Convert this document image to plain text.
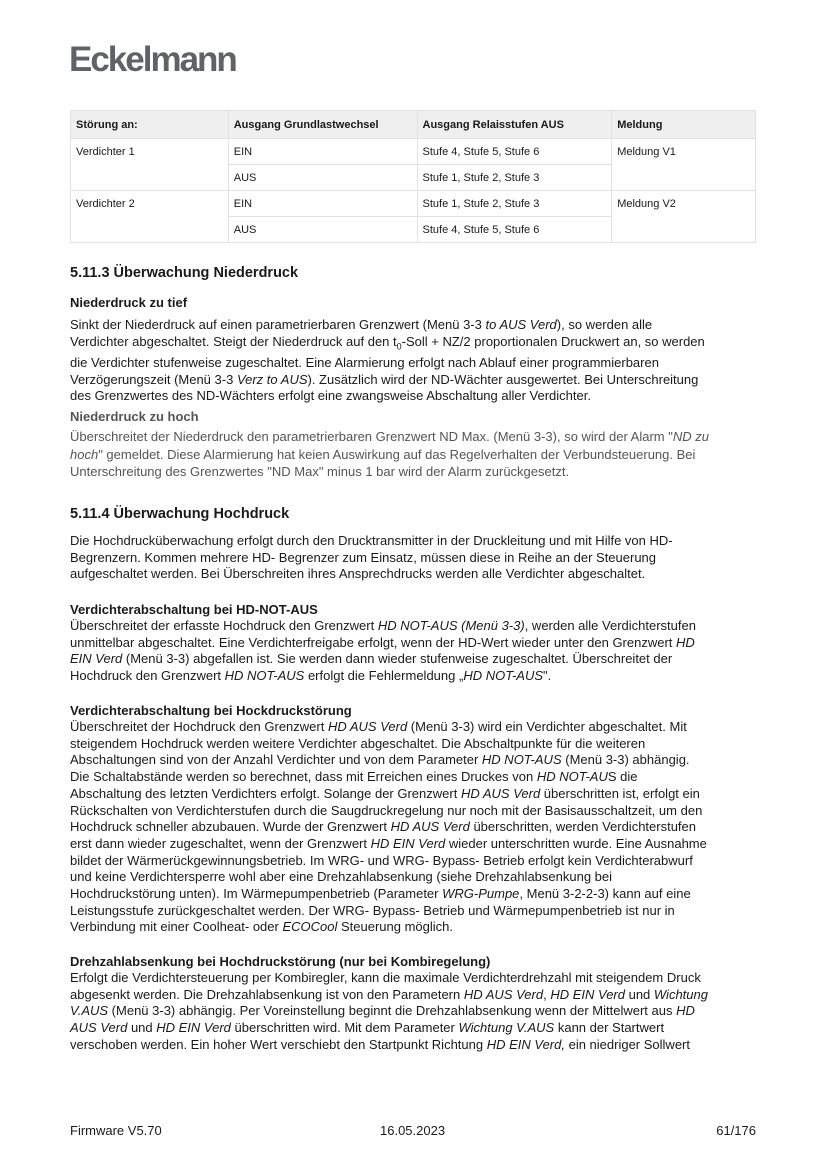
Eckelmann
Störung an:	Ausgang Grundlastwechsel	Ausgang Relaisstufen AUS	Meldung
Verdichter 1	EIN	Stufe 4, Stufe 5, Stufe 6	Meldung V1
	AUS	Stufe 1, Stufe 2, Stufe 3	
Verdichter 2	EIN	Stufe 1, Stufe 2, Stufe 3	Meldung V2
	AUS	Stufe 4, Stufe 5, Stufe 6	
5.11.3 Überwachung Niederdruck
Niederdruck zu tief
Sinkt der Niederdruck auf einen parametrierbaren Grenzwert (Menü 3-3 to AUS Verd), so werden alle
Verdichter abgeschaltet. Steigt der Niederdruck auf den $t_0$-Soll + NZ/2 proportionalen Druckwert an, so werden
die Verdichter stufenweise zugeschaltet. Eine Alarmierung erfolgt nach Ablauf einer programmierbaren
Verzögerungszeit (Menü 3-3 Verz to AUS). Zusätzlich wird der ND-Wächter ausgewertet. Bei Unterschreitung
des Grenzwertes des ND-Wächters erfolgt eine zwangsweise Abschaltung aller Verdichter.
Niederdruck zu hoch
Überschreitet der Niederdruck den parametrierbaren Grenzwert ND Max. (Menü 3-3), so wird der Alarm "ND zu
hoch" gemeldet. Diese Alarmierung hat keien Auswirkung auf das Regelverhalten der Verbundsteuerung. Bei
Unterschreitung des Grenzwertes "ND Max" minus 1 bar wird der Alarm zurückgesetzt.
5.11.4 Überwachung Hochdruck
Die Hochdrucküberwachung erfolgt durch den Drucktransmitter in der Druckleitung und mit Hilfe von HD-
Begrenzern. Kommen mehrere HD- Begrenzer zum Einsatz, müssen diese in Reihe an der Steuerung
aufgeschaltet werden. Bei Überschreiten ihres Ansprechdrucks werden alle Verdichter abgeschaltet.
Verdichterabschaltung bei HD-NOT-AUS
Überschreitet der erfasste Hochdruck den Grenzwert HD NOT-AUS (Menü 3-3), werden alle Verdichterstufen
unmittelbar abgeschaltet. Eine Verdichterfreigabe erfolgt, wenn der HD-Wert wieder unter den Grenzwert HD
EIN Verd (Menü 3-3) abgefallen ist. Sie werden dann wieder stufenweise zugeschaltet. Überschreitet der
Hochdruck den Grenzwert HD NOT-AUS erfolgt die Fehlermeldung „HD NOT-AUS".
Verdichterabschaltung bei Hockdruckstörung
Überschreitet der Hochdruck den Grenzwert HD AUS Verd (Menü 3-3) wird ein Verdichter abgeschaltet. Mit
steigendem Hochdruck werden weitere Verdichter abgeschaltet. Die Abschaltpunkte für die weiteren
Abschaltungen sind von der Anzahl Verdichter und von dem Parameter HD NOT-AUS (Menü 3-3) abhängig.
Die Schaltabstände werden so berechnet, dass mit Erreichen eines Druckes von HD NOT-AUS die
Abschaltung des letzten Verdichters erfolgt. Solange der Grenzwert HD AUS Verd überschritten ist, erfolgt ein
Rückschalten von Verdichterstufen durch die Saugdruckregelung nur noch mit der Basisausschaltzeit, um den
Hochdruck schneller abzubauen. Wurde der Grenzwert HD AUS Verd überschritten, werden Verdichterstufen
erst dann wieder zugeschaltet, wenn der Grenzwert HD EIN Verd wieder unterschritten wurde. Eine Ausnahme
bildet der Wärmerückgewinnungsbetrieb. Im WRG- und WRG- Bypass- Betrieb erfolgt kein Verdichterabwurf
und keine Verdichtersperre wohl aber eine Drehzahlabsenkung (siehe Drehzahlabsenkung bei
Hochdruckstörung unten). Im Wärmepumpenbetrieb (Parameter WRG-Pumpe, Menü 3-2-2-3) kann auf eine
Leistungsstufe zurückgeschaltet werden. Der WRG- Bypass- Betrieb und Wärmepumpenbetrieb ist nur in
Verbindung mit einer Coolheat- oder ECOCool Steuerung möglich.
Drehzahlabsenkung bei Hochdruckstörung (nur bei Kombiregelung)
Erfolgt die Verdichtersteuerung per Kombiregler, kann die maximale Verdichterdrehzahl mit steigendem Druck
abgesenkt werden. Die Drehzahlabsenkung ist von den Parametern HD AUS Verd, HD EIN Verd und Wichtung
V.AUS (Menü 3-3) abhängig. Per Voreinstellung beginnt die Drehzahlabsenkung wenn der Mittelwert aus HD
AUS Verd und HD EIN Verd überschritten wird. Mit dem Parameter Wichtung V.AUS kann der Startwert
verschoben werden. Ein hoher Wert verschiebt den Startpunkt Richtung HD EIN Verd, ein niedriger Sollwert
Firmware V5.70	16.05.2023	61/176
